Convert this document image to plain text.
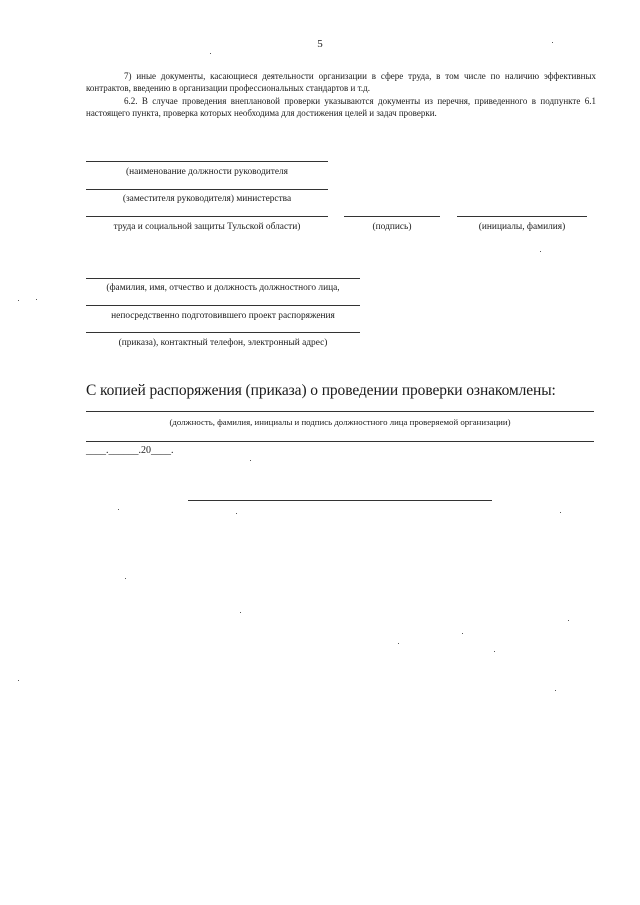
5
7) иные документы, касающиеся деятельности организации в сфере труда, в том числе по наличию эффективных контрактов, введению в организации профессиональных стандартов и т.д.
6.2. В случае проведения внеплановой проверки указываются документы из перечня, приведенного в подпункте 6.1 настоящего пункта, проверка которых необходима для достижения целей и задач проверки.
(наименование должности руководителя
(заместителя руководителя) министерства
труда и социальной защиты Тульской области)	(подпись)	(инициалы, фамилия)
(фамилия, имя, отчество и должность должностного лица,
непосредственно подготовившего проект распоряжения
(приказа), контактный телефон, электронный адрес)
С копией распоряжения (приказа) о проведении проверки ознакомлены:
(должность, фамилия, инициалы и подпись должностного лица проверяемой организации)
____.______.20____.
